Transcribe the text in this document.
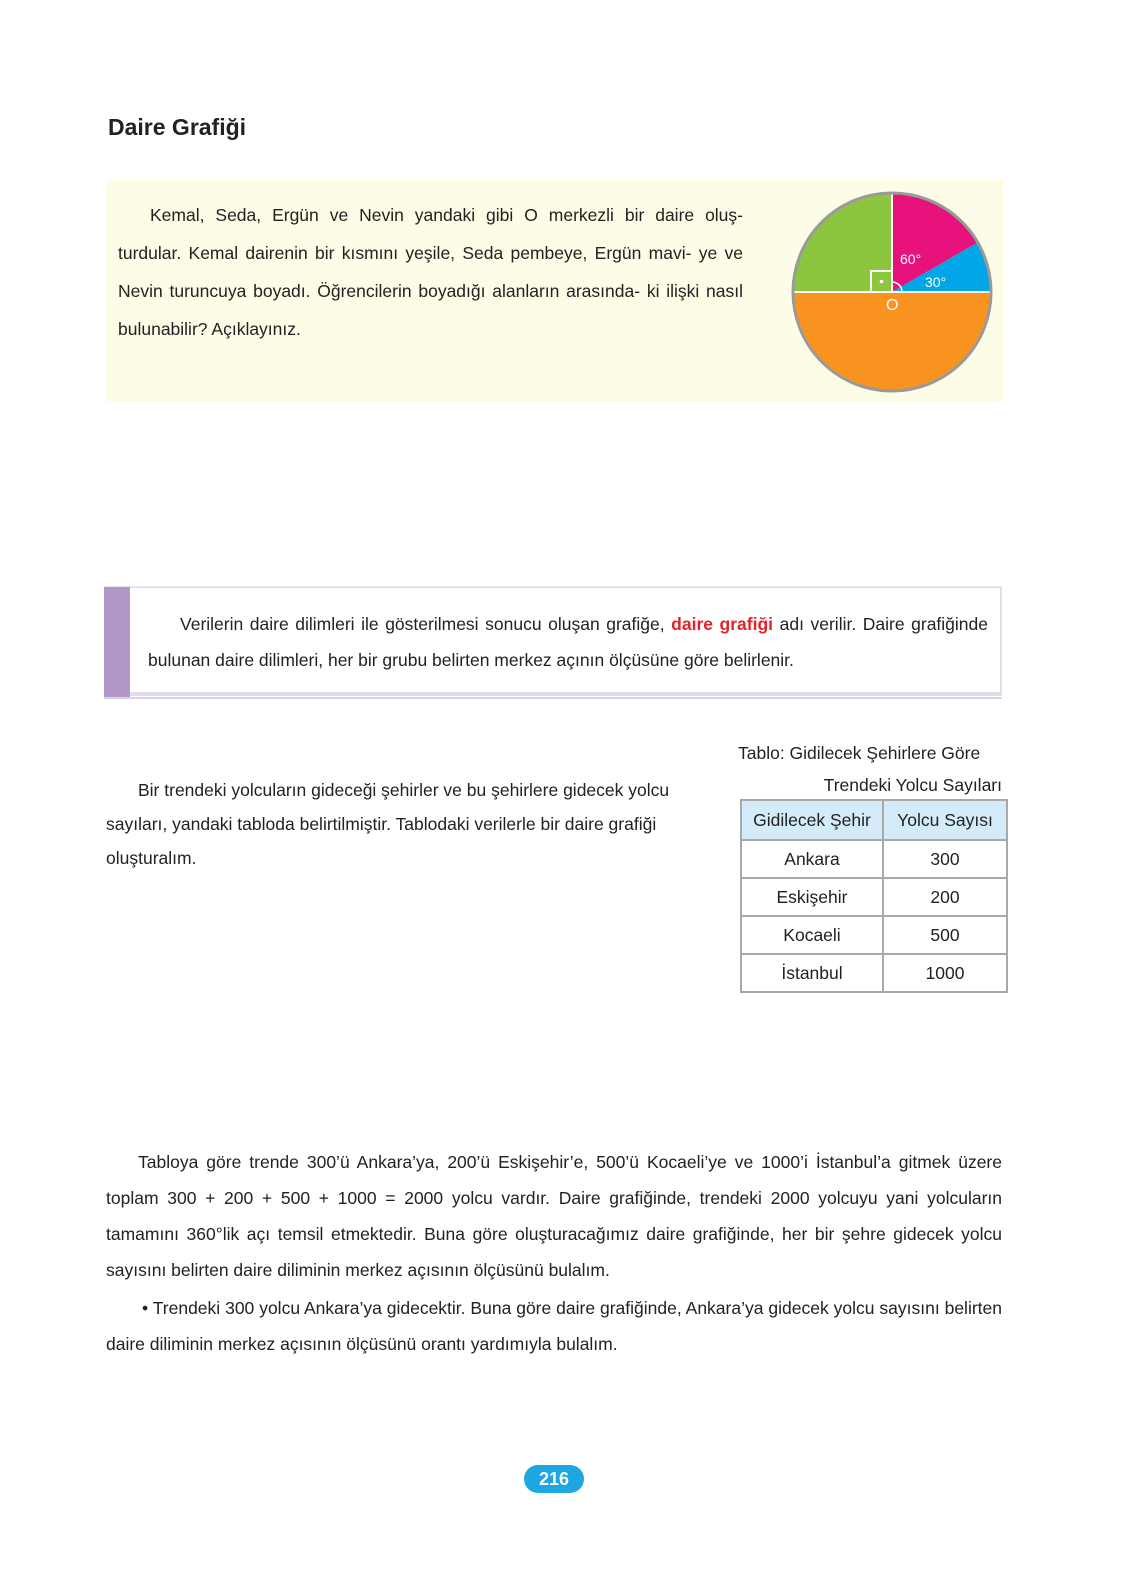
Daire Grafiği

Kemal, Seda, Ergün ve Nevin yandaki gibi O merkezli bir daire oluş- turdular. Kemal dairenin bir kısmını yeşile, Seda pembeye, Ergün mavi- ye ve Nevin turuncuya boyadı. Öğrencilerin boyadığı alanların arasında- ki ilişki nasıl bulunabilir? Açıklayınız.

60°
30°
O

Verilerin daire dilimleri ile gösterilmesi sonucu oluşan grafiğe, daire grafiği adı verilir. Daire grafiğinde bulunan daire dilimleri, her bir grubu belirten merkez açının ölçüsüne göre belirlenir.

Bir trendeki yolcuların gideceği şehirler ve bu şehirlere gidecek yolcu sayıları, yandaki tabloda belirtilmiştir. Tablodaki verilerle bir daire grafiği oluşturalım.

Tablo: Gidilecek Şehirlere Göre
Trendeki Yolcu Sayıları

Gidilecek Şehir	Yolcu Sayısı
Ankara	300
Eskişehir	200
Kocaeli	500
İstanbul	1000

Tabloya göre trende 300’ü Ankara’ya, 200’ü Eskişehir’e, 500’ü Kocaeli’ye ve 1000’i İstanbul’a gitmek üzere toplam 300 + 200 + 500 + 1000 = 2000 yolcu vardır. Daire grafiğinde, trendeki 2000 yolcuyu yani yolcuların tamamını 360°lik açı temsil etmektedir. Buna göre oluşturacağımız daire grafiğinde, her bir şehre gidecek yolcu sayısını belirten daire diliminin merkez açısının ölçüsünü bulalım.

• Trendeki 300 yolcu Ankara’ya gidecektir. Buna göre daire grafiğinde, Ankara’ya gidecek yolcu sayısını belirten daire diliminin merkez açısının ölçüsünü orantı yardımıyla bulalım.

216
